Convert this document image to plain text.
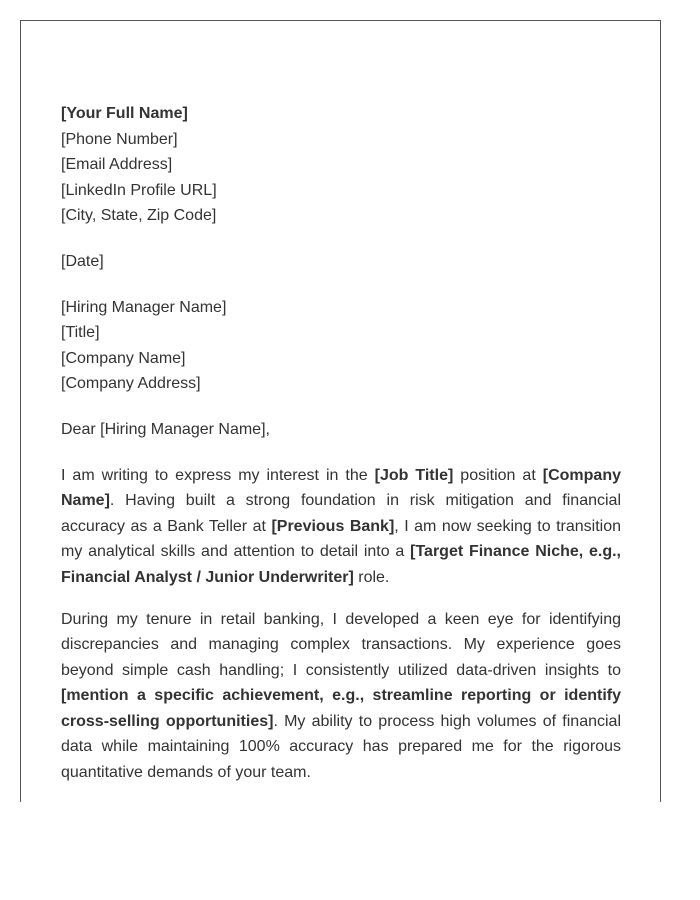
[Your Full Name]
[Phone Number]
[Email Address]
[LinkedIn Profile URL]
[City, State, Zip Code]
[Date]
[Hiring Manager Name]
[Title]
[Company Name]
[Company Address]
Dear [Hiring Manager Name],

I am writing to express my interest in the [Job Title] position at [Company Name]. Having built a strong foundation in risk mitigation and financial accuracy as a Bank Teller at [Previous Bank], I am now seeking to transition my analytical skills and attention to detail into a [Target Finance Niche, e.g., Financial Analyst / Junior Underwriter] role.

During my tenure in retail banking, I developed a keen eye for identifying discrepancies and managing complex transactions. My experience goes beyond simple cash handling; I consistently utilized data-driven insights to [mention a specific achievement, e.g., streamline reporting or identify cross-selling opportunities]. My ability to process high volumes of financial data while maintaining 100% accuracy has prepared me for the rigorous quantitative demands of your team.
